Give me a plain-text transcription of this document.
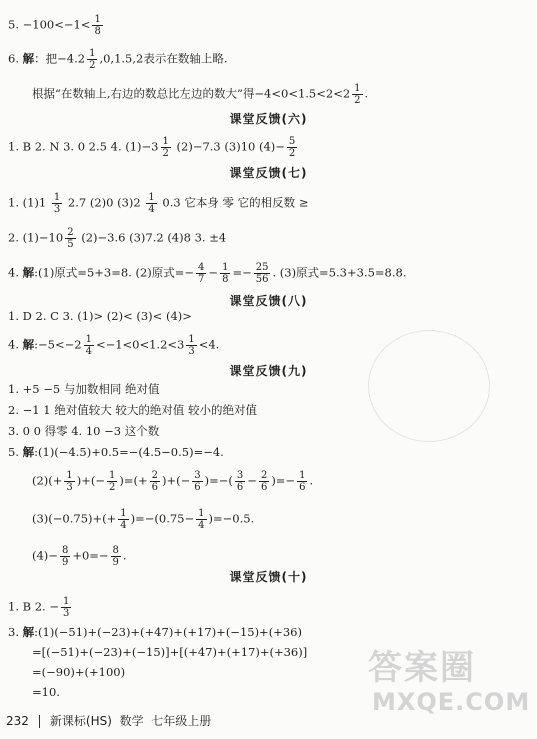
5. $-100<-1< \frac{1}{8}$
6. 解：把$-4.2 \frac{1}{2} ,0,1.5,2$表示在数轴上略.
根据“在数轴上,右边的数总比左边的数大”得$-4<0<1.5<2<2 \frac{1}{2}$ .
课堂反馈(六)
1. B 2. N 3. 0 2.5 4. $(1)-3 \frac{1}{2} (2)-7.3$ (3)10 $(4)- \frac{5}{2}$
课堂反馈(七)
1. $(1)1 \frac{1}{3} 2.7$ (2)0 $(3)2 \frac{1}{4} 0.3$ 它本身 零 它的相反数 ≥
2. $(1)-10 \frac{2}{5} (2)-3.6$ (3)7.2 (4)8 3. ±4
4. 解:(1)原式=5+3=8. (2)原式=− $\frac{4}{7} - \frac{1}{8} =- \frac{25}{56}$ . (3)原式=5.3+3.5=8.8.
课堂反馈(八)
1. D 2. C 3. (1)> (2)< (3)< (4)>
4. 解:−5<−2 $\frac{1}{4} <-1<0<1.2<3 \frac{1}{3} <4$.
课堂反馈(九)
1. +5 −5 与加数相同 绝对值
2. −1 1 绝对值较大 较大的绝对值 较小的绝对值
3. 0 0 得零 4. 10 −3 这个数
5. 解:(1)(−4.5)+0.5=−(4.5−0.5)=−4.
$(2)(+ \frac{1}{3}$ )+(− $\frac{1}{2}$ )=(+ $\frac{2}{6}$ )+(− $\frac{3}{6}$ )=−( $\frac{3}{6} - \frac{2}{6}$ )=− $\frac{1}{6}$ .
$(3)(-0.75)+(+ \frac{1}{4} )=-(0.75- \frac{1}{4} )=-0.5$.
$(4)- \frac{8}{9} +0=- \frac{8}{9}$ .
课堂反馈(十)
1. B 2. − $\frac{1}{3}$
3. 解:(1)(−51)+(−23)+(+47)+(+17)+(−15)+(+36)
=[(−51)+(−23)+(−15)]+[(+47)+(+17)+(+36)]
=(−90)+(+100)
=10.
答案圈
MXQE.COM
232 新课标(HS) 数学 七年级上册
